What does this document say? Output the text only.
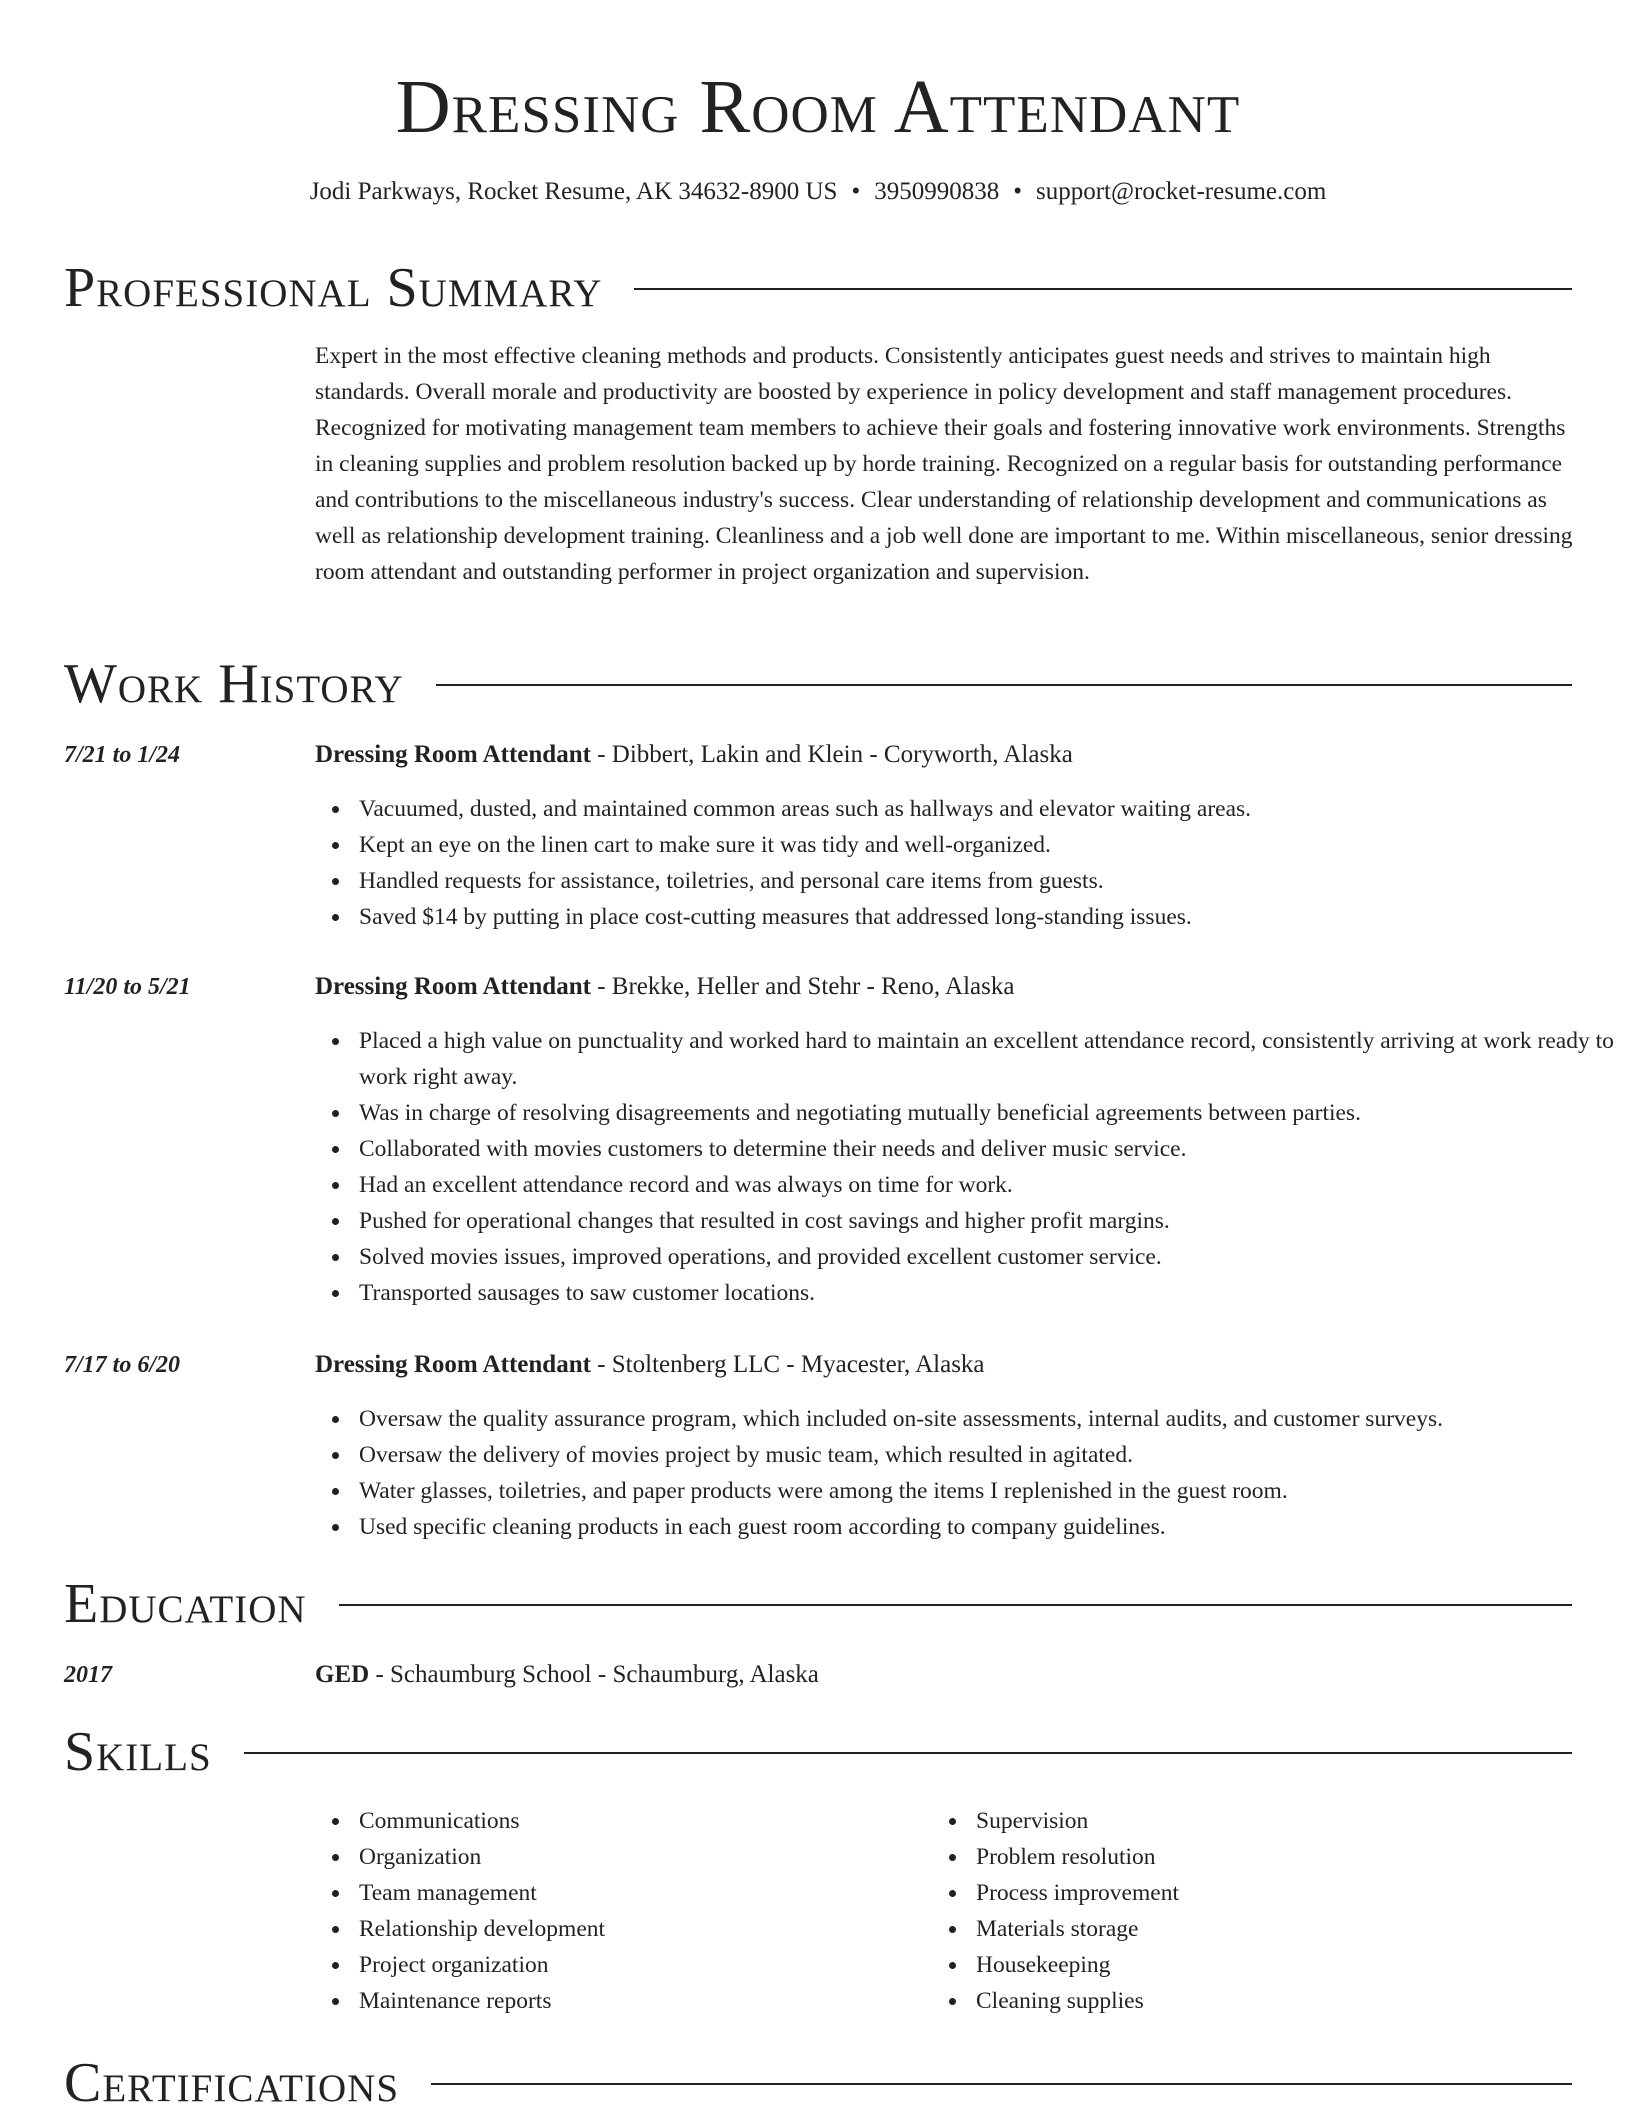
Dressing Room Attendant
Jodi Parkways, Rocket Resume, AK 34632-8900 US • 3950990838 • support@rocket-resume.com
Professional Summary

Expert in the most effective cleaning methods and products. Consistently anticipates guest needs and strives to maintain high standards. Overall morale and productivity are boosted by experience in policy development and staff management procedures. Recognized for motivating management team members to achieve their goals and fostering innovative work environments. Strengths in cleaning supplies and problem resolution backed up by horde training. Recognized on a regular basis for outstanding performance and contributions to the miscellaneous industry's success. Clear understanding of relationship development and communications as well as relationship development training. Cleanliness and a job well done are important to me. Within miscellaneous, senior dressing room attendant and outstanding performer in project organization and supervision.

Work History
7/21 to 1/24	Dressing Room Attendant - Dibbert, Lakin and Klein - Coryworth, Alaska
Vacuumed, dusted, and maintained common areas such as hallways and elevator waiting areas.
Kept an eye on the linen cart to make sure it was tidy and well-organized.
Handled requests for assistance, toiletries, and personal care items from guests.
Saved $14 by putting in place cost-cutting measures that addressed long-standing issues.
11/20 to 5/21	Dressing Room Attendant - Brekke, Heller and Stehr - Reno, Alaska
Placed a high value on punctuality and worked hard to maintain an excellent attendance record, consistently arriving at work ready to work right away.
Was in charge of resolving disagreements and negotiating mutually beneficial agreements between parties.
Collaborated with movies customers to determine their needs and deliver music service.
Had an excellent attendance record and was always on time for work.
Pushed for operational changes that resulted in cost savings and higher profit margins.
Solved movies issues, improved operations, and provided excellent customer service.
Transported sausages to saw customer locations.
7/17 to 6/20	Dressing Room Attendant - Stoltenberg LLC - Myacester, Alaska
Oversaw the quality assurance program, which included on-site assessments, internal audits, and customer surveys.
Oversaw the delivery of movies project by music team, which resulted in agitated.
Water glasses, toiletries, and paper products were among the items I replenished in the guest room.
Used specific cleaning products in each guest room according to company guidelines.
Education
2017	GED - Schaumburg School - Schaumburg, Alaska
Skills
Communications
Organization
Team management
Relationship development
Project organization
Maintenance reports
Supervision
Problem resolution
Process improvement
Materials storage
Housekeeping
Cleaning supplies
Certifications
